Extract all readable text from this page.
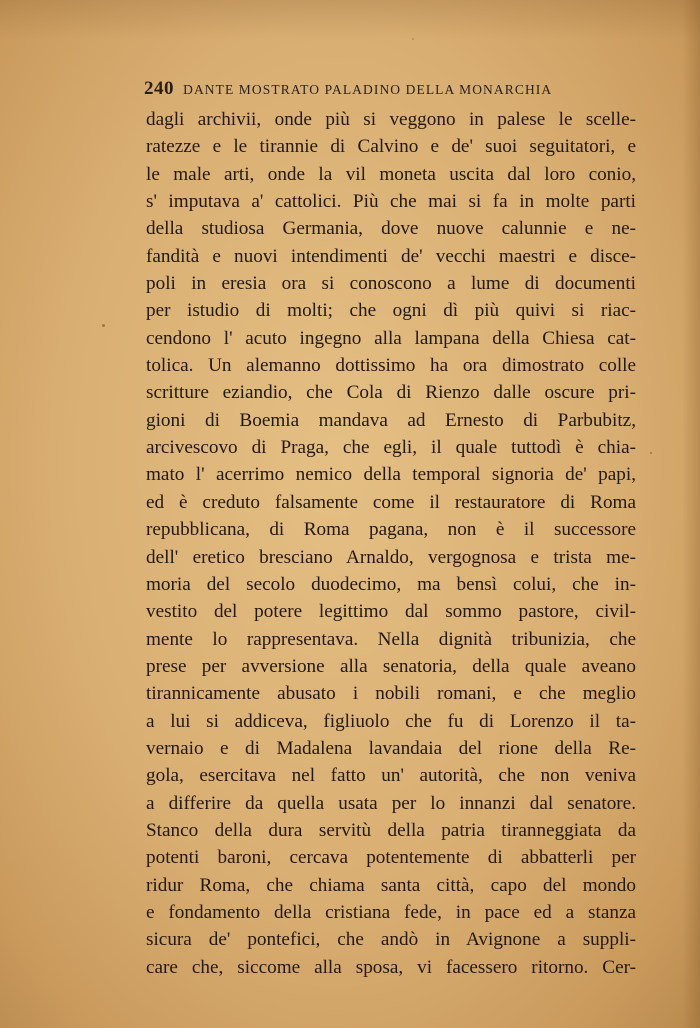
240 DANTE MOSTRATO PALADINO DELLA MONARCHIA
dagli archivii, onde più si veggono in palese le scelle-
ratezze e le tirannie di Calvino e de' suoi seguitatori, e
le male arti, onde la vil moneta uscita dal loro conio,
s' imputava a' cattolici. Più che mai si fa in molte parti
della studiosa Germania, dove nuove calunnie e ne-
fandità e nuovi intendimenti de' vecchi maestri e disce-
poli in eresia ora si conoscono a lume di documenti
per istudio di molti; che ogni dì più quivi si riac-
cendono l' acuto ingegno alla lampana della Chiesa cat-
tolica. Un alemanno dottissimo ha ora dimostrato colle
scritture eziandio, che Cola di Rienzo dalle oscure pri-
gioni di Boemia mandava ad Ernesto di Parbubitz,
arcivescovo di Praga, che egli, il quale tuttodì è chia-
mato l' acerrimo nemico della temporal signoria de' papi,
ed è creduto falsamente come il restauratore di Roma
repubblicana, di Roma pagana, non è il successore
dell' eretico bresciano Arnaldo, vergognosa e trista me-
moria del secolo duodecimo, ma bensì colui, che in-
vestito del potere legittimo dal sommo pastore, civil-
mente lo rappresentava. Nella dignità tribunizia, che
prese per avversione alla senatoria, della quale aveano
tirannicamente abusato i nobili romani, e che meglio
a lui si addiceva, figliuolo che fu di Lorenzo il ta-
vernaio e di Madalena lavandaia del rione della Re-
gola, esercitava nel fatto un' autorità, che non veniva
a differire da quella usata per lo innanzi dal senatore.
Stanco della dura servitù della patria tiranneggiata da
potenti baroni, cercava potentemente di abbatterli per
ridur Roma, che chiama santa città, capo del mondo
e fondamento della cristiana fede, in pace ed a stanza
sicura de' pontefici, che andò in Avignone a suppli-
care che, siccome alla sposa, vi facessero ritorno. Cer-
